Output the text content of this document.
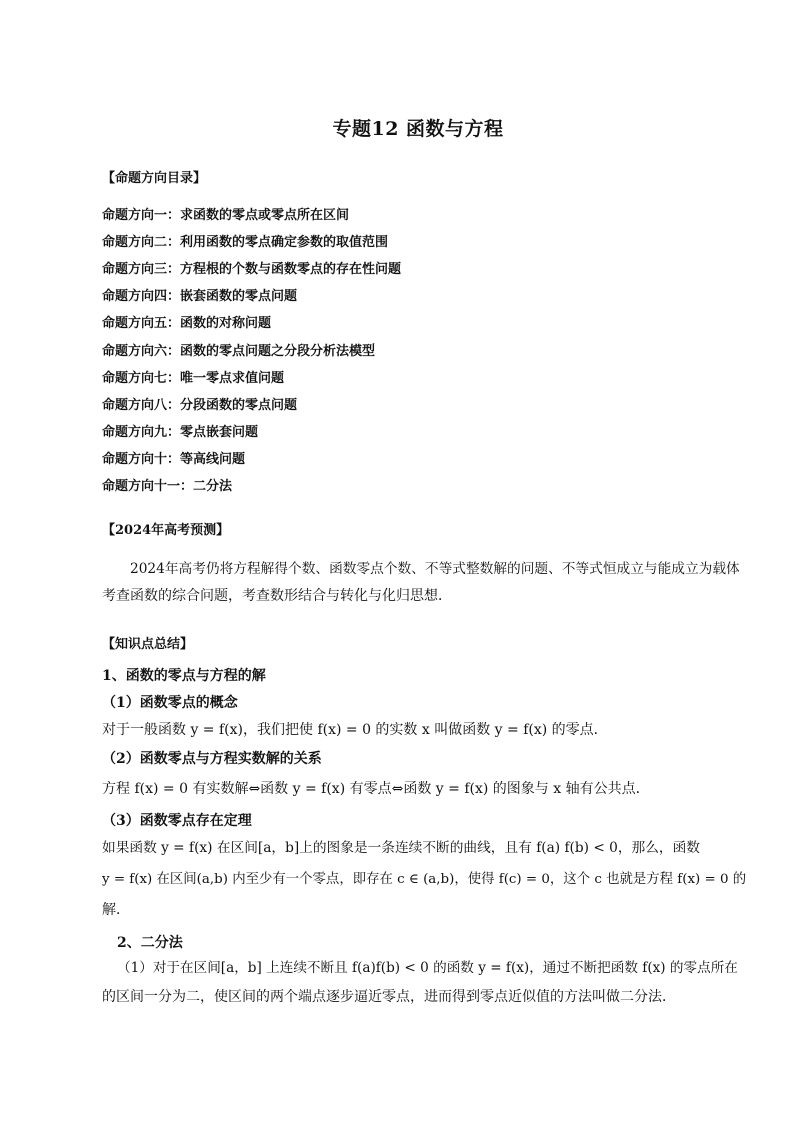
专题12 函数与方程
【命题方向目录】
命题方向一：求函数的零点或零点所在区间
命题方向二：利用函数的零点确定参数的取值范围
命题方向三：方程根的个数与函数零点的存在性问题
命题方向四：嵌套函数的零点问题
命题方向五：函数的对称问题
命题方向六：函数的零点问题之分段分析法模型
命题方向七：唯一零点求值问题
命题方向八：分段函数的零点问题
命题方向九：零点嵌套问题
命题方向十：等高线问题
命题方向十一：二分法
【2024年高考预测】
2024年高考仍将方程解得个数、函数零点个数、不等式整数解的问题、不等式恒成立与能成立为载体
考查函数的综合问题，考查数形结合与转化与化归思想．
【知识点总结】
1、函数的零点与方程的解
（1）函数零点的概念
对于一般函数 y = f(x)，我们把使 f(x) = 0 的实数 x 叫做函数 y = f(x) 的零点．
（2）函数零点与方程实数解的关系
方程 f(x) = 0 有实数解⇔函数 y = f(x) 有零点⇔函数 y = f(x) 的图象与 x 轴有公共点．
（3）函数零点存在定理
如果函数 y = f(x) 在区间[a，b]上的图象是一条连续不断的曲线，且有 f(a) f(b) < 0，那么，函数
y = f(x) 在区间(a,b) 内至少有一个零点，即存在 c ∈ (a,b)，使得 f(c) = 0，这个 c 也就是方程 f(x) = 0 的
解．
2、二分法
（1）对于在区间[a，b] 上连续不断且 f(a)f(b) < 0 的函数 y = f(x)，通过不断把函数 f(x) 的零点所在
的区间一分为二，使区间的两个端点逐步逼近零点，进而得到零点近似值的方法叫做二分法．
